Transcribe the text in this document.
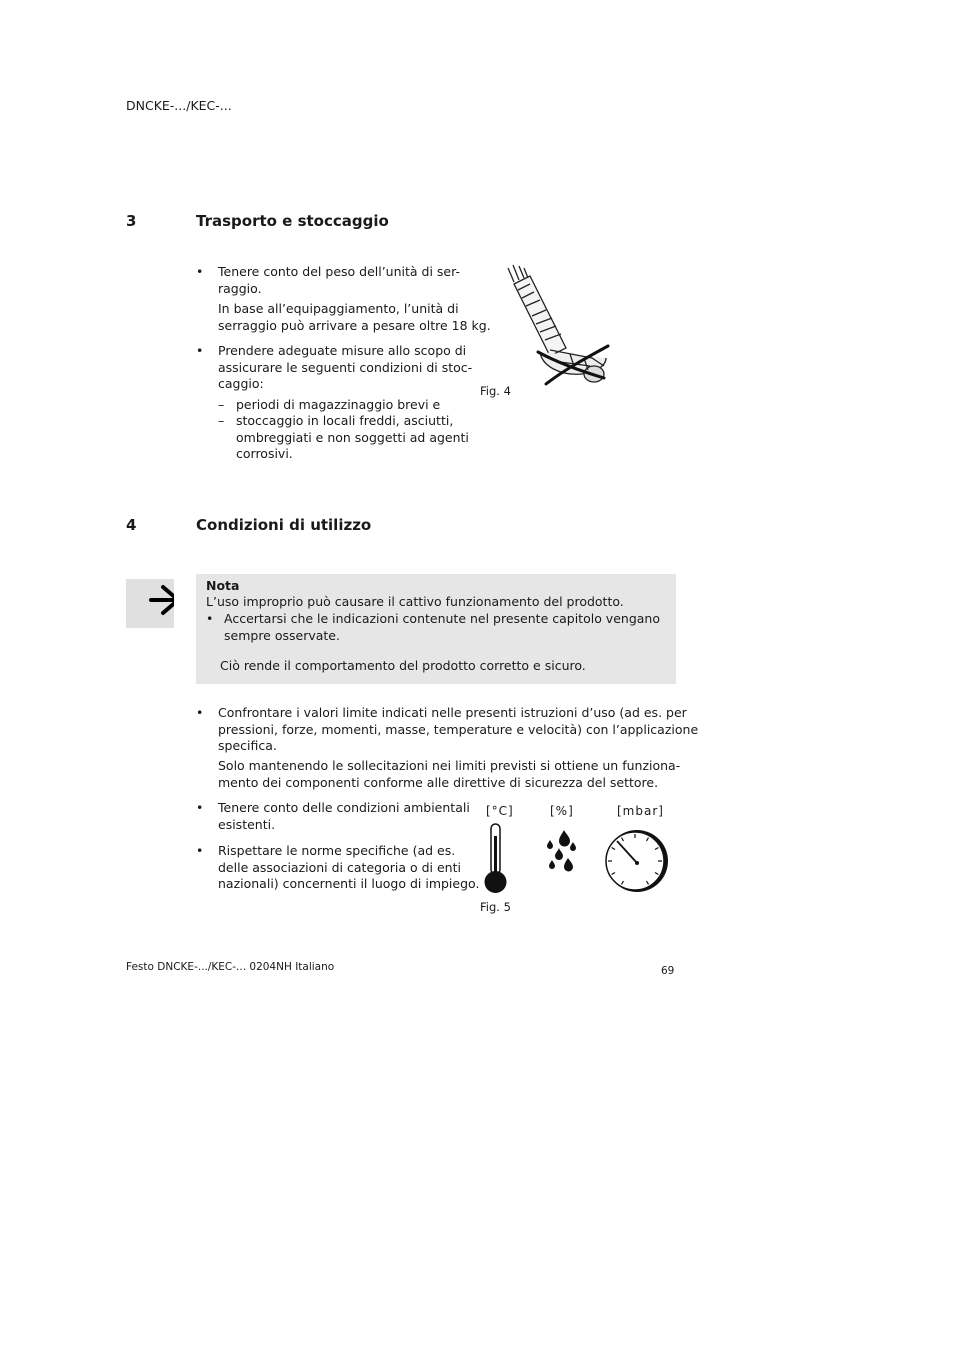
DNCKE-.../KEC-...
3	Trasporto e stoccaggio
• Tenere conto del peso dell’unità di ser-
raggio.
In base all’equipaggiamento, l’unità di
serraggio può arrivare a pesare oltre 18 kg.
• Prendere adeguate misure allo scopo di
assicurare le seguenti condizioni di stoc-
caggio:
– periodi di magazzinaggio brevi e
– stoccaggio in locali freddi, asciutti,
ombreggiati e non soggetti ad agenti
corrosivi.
Fig. 4
4	Condizioni di utilizzo
Nota
L’uso improprio può causare il cattivo funzionamento del prodotto.
• Accertarsi che le indicazioni contenute nel presente capitolo vengano
sempre osservate.
Ciò rende il comportamento del prodotto corretto e sicuro.
• Confrontare i valori limite indicati nelle presenti istruzioni d’uso (ad es. per
pressioni, forze, momenti, masse, temperature e velocità) con l’applicazione
specifica.
Solo mantenendo le sollecitazioni nei limiti previsti si ottiene un funziona-
mento dei componenti conforme alle direttive di sicurezza del settore.
• Tenere conto delle condizioni ambientali
esistenti.
• Rispettare le norme specifiche (ad es.
delle associazioni di categoria o di enti
nazionali) concernenti il luogo di impiego.
[°C]	[%]	[mbar]
Fig. 5
Festo DNCKE-.../KEC-... 0204NH Italiano	69
